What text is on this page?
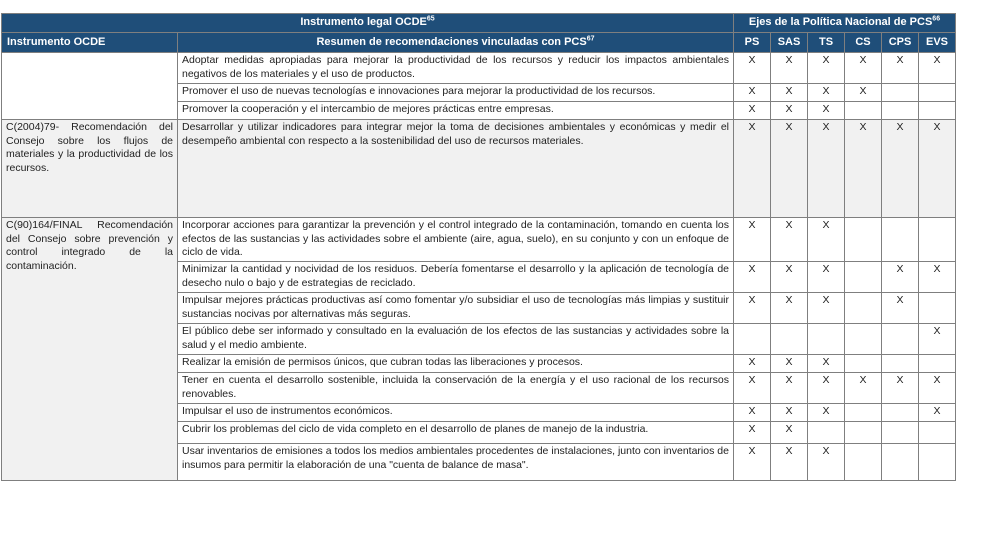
Instrumento legal OCDE$^{65}$		Ejes de la Política Nacional de PCS$^{66}$
Instrumento OCDE	Resumen de recomendaciones vinculadas con PCS$^{67}$	PS	SAS	TS	CS	CPS	EVS
	Adoptar medidas apropiadas para mejorar la productividad de los recursos y reducir los impactos ambientales negativos de los materiales y el uso de productos.	X	X	X	X	X	X
	Promover el uso de nuevas tecnologías e innovaciones para mejorar la productividad de los recursos.	X	X	X	X		
	Promover la cooperación y el intercambio de mejores prácticas entre empresas.	X	X	X			
C(2004)79- Recomendación del Consejo sobre los flujos de materiales y la productividad de los recursos.	Desarrollar y utilizar indicadores para integrar mejor la toma de decisiones ambientales y económicas y medir el desempeño ambiental con respecto a la sostenibilidad del uso de recursos materiales.	X	X	X	X	X	X
C(90)164/FINAL Recomendación del Consejo sobre prevención y control integrado de la contaminación.	Incorporar acciones para garantizar la prevención y el control integrado de la contaminación, tomando en cuenta los efectos de las sustancias y las actividades sobre el ambiente (aire, agua, suelo), en su conjunto y con un enfoque de ciclo de vida.	X	X	X			
	Minimizar la cantidad y nocividad de los residuos. Debería fomentarse el desarrollo y la aplicación de tecnología de desecho nulo o bajo y de estrategias de reciclado.	X	X	X		X	X
	Impulsar mejores prácticas productivas así como fomentar y/o subsidiar el uso de tecnologías más limpias y sustituir sustancias nocivas por alternativas más seguras.	X	X	X		X	
	El público debe ser informado y consultado en la evaluación de los efectos de las sustancias y actividades sobre la salud y el medio ambiente.						X
	Realizar la emisión de permisos únicos, que cubran todas las liberaciones y procesos.	X	X	X			
	Tener en cuenta el desarrollo sostenible, incluida la conservación de la energía y el uso racional de los recursos renovables.	X	X	X	X	X	X
	Impulsar el uso de instrumentos económicos.	X	X	X			X
	Cubrir los problemas del ciclo de vida completo en el desarrollo de planes de manejo de la industria.	X	X				
	Usar inventarios de emisiones a todos los medios ambientales procedentes de instalaciones, junto con inventarios de insumos para permitir la elaboración de una "cuenta de balance de masa".	X	X	X			
